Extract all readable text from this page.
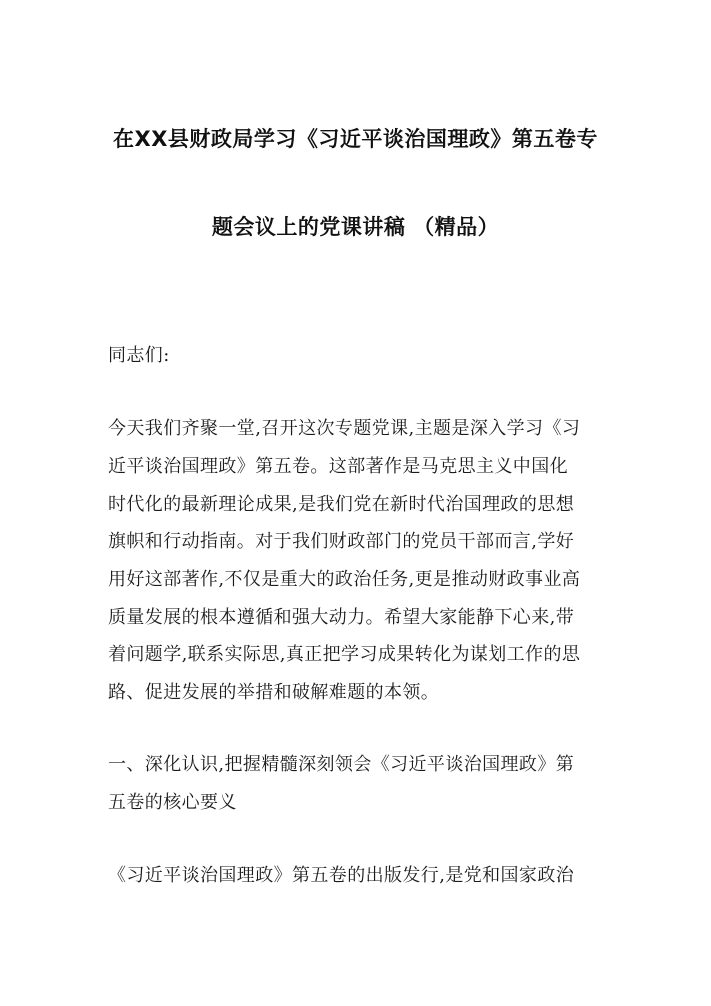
在XX县财政局学习《习近平谈治国理政》第五卷专
题会议上的党课讲稿 （精品）
同志们:
今天我们齐聚一堂,召开这次专题党课,主题是深入学习《习
近平谈治国理政》第五卷。这部著作是马克思主义中国化
时代化的最新理论成果,是我们党在新时代治国理政的思想
旗帜和行动指南。对于我们财政部门的党员干部而言,学好
用好这部著作,不仅是重大的政治任务,更是推动财政事业高
质量发展的根本遵循和强大动力。希望大家能静下心来,带
着问题学,联系实际思,真正把学习成果转化为谋划工作的思
路、促进发展的举措和破解难题的本领。
一、深化认识,把握精髓深刻领会《习近平谈治国理政》第
五卷的核心要义
《习近平谈治国理政》第五卷的出版发行,是党和国家政治
